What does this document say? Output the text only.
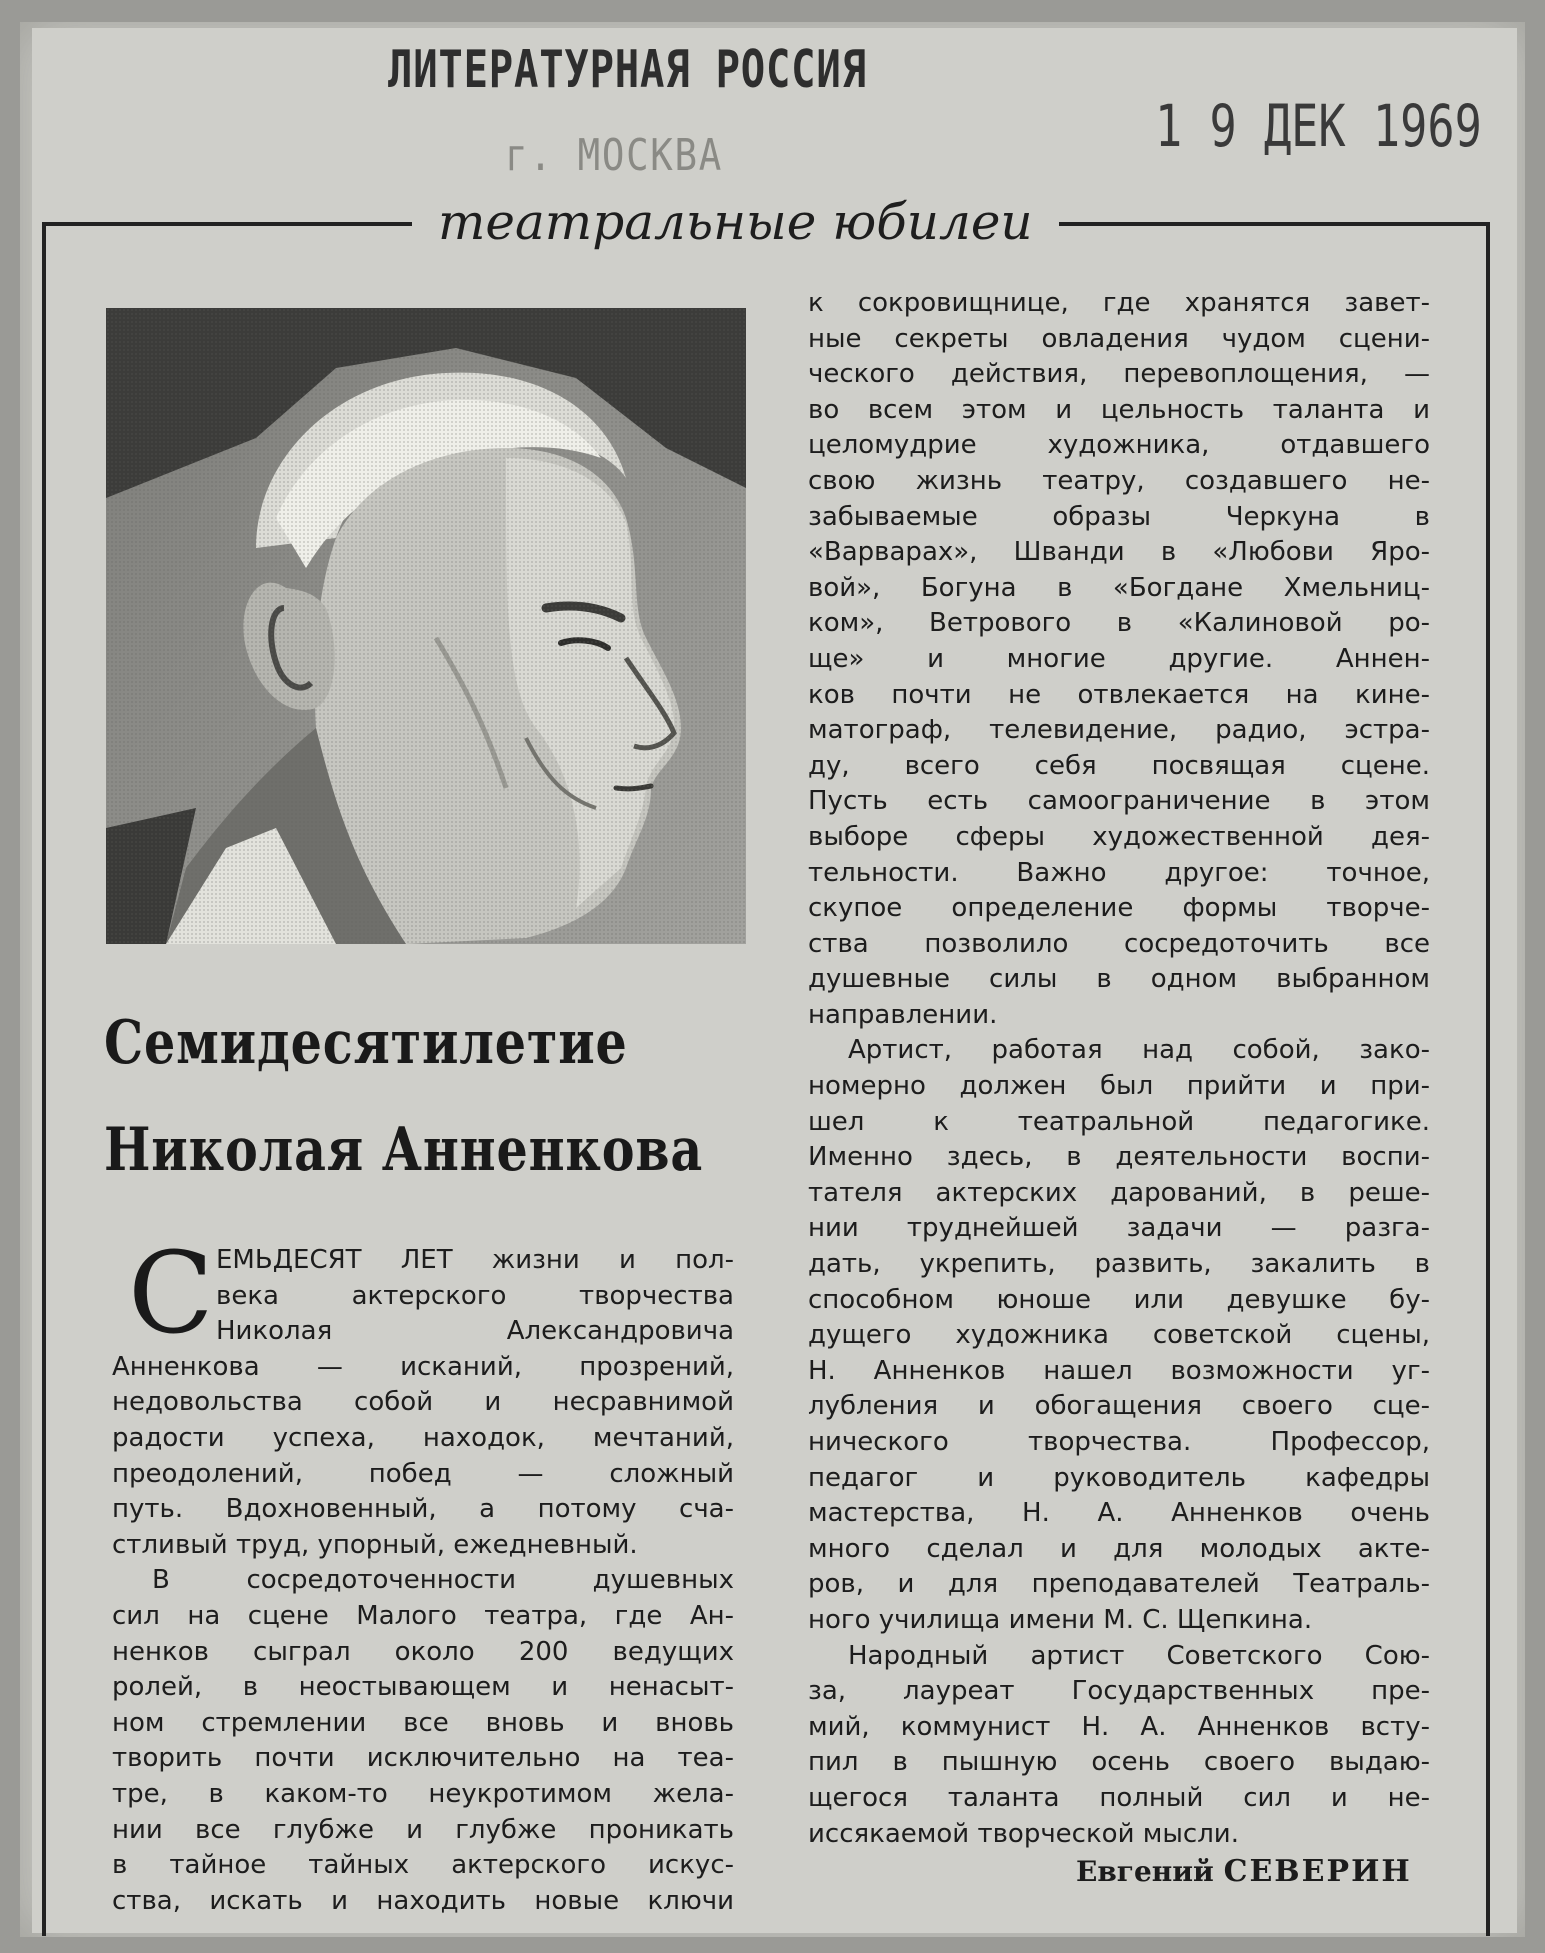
ЛИТЕРАТУРНАЯ РОССИЯ
г. МОСКВА	1 9 ДЕК 1969
театральные юбилеи
Семидесятилетие
Николая Анненкова
С ЕМЬДЕСЯТ ЛЕТ жизни и пол-
века актерского творчества
Николая Александровича
Анненкова — исканий, прозрений,
недовольства собой и несравнимой
радости успеха, находок, мечтаний,
преодолений, побед — сложный
путь. Вдохновенный, а потому сча-
стливый труд, упорный, ежедневный.
В сосредоточенности душевных
сил на сцене Малого театра, где Ан-
ненков сыграл около 200 ведущих
ролей, в неостывающем и ненасыт-
ном стремлении все вновь и вновь
творить почти исключительно на теа-
тре, в каком-то неукротимом жела-
нии все глубже и глубже проникать
в тайное тайных актерского искус-
ства, искать и находить новые ключи
к сокровищнице, где хранятся завет-
ные секреты овладения чудом сцени-
ческого действия, перевоплощения, —
во всем этом и цельность таланта и
целомудрие художника, отдавшего
свою жизнь театру, создавшего не-
забываемые образы Черкуна в
«Варварах», Шванди в «Любови Яро-
вой», Богуна в «Богдане Хмельниц-
ком», Ветрового в «Калиновой ро-
ще» и многие другие. Аннен-
ков почти не отвлекается на кине-
матограф, телевидение, радио, эстра-
ду, всего себя посвящая сцене.
Пусть есть самоограничение в этом
выборе сферы художественной дея-
тельности. Важно другое: точное,
скупое определение формы творче-
ства позволило сосредоточить все
душевные силы в одном выбранном
направлении.
Артист, работая над собой, зако-
номерно должен был прийти и при-
шел к театральной педагогике.
Именно здесь, в деятельности воспи-
тателя актерских дарований, в реше-
нии труднейшей задачи — разга-
дать, укрепить, развить, закалить в
способном юноше или девушке бу-
дущего художника советской сцены,
Н. Анненков нашел возможности уг-
лубления и обогащения своего сце-
нического творчества. Профессор,
педагог и руководитель кафедры
мастерства, Н. А. Анненков очень
много сделал и для молодых акте-
ров, и для преподавателей Театраль-
ного училища имени М. С. Щепкина.
Народный артист Советского Сою-
за, лауреат Государственных пре-
мий, коммунист Н. А. Анненков всту-
пил в пышную осень своего выдаю-
щегося таланта полный сил и не-
иссякаемой творческой мысли.
Евгений СЕВЕРИН
